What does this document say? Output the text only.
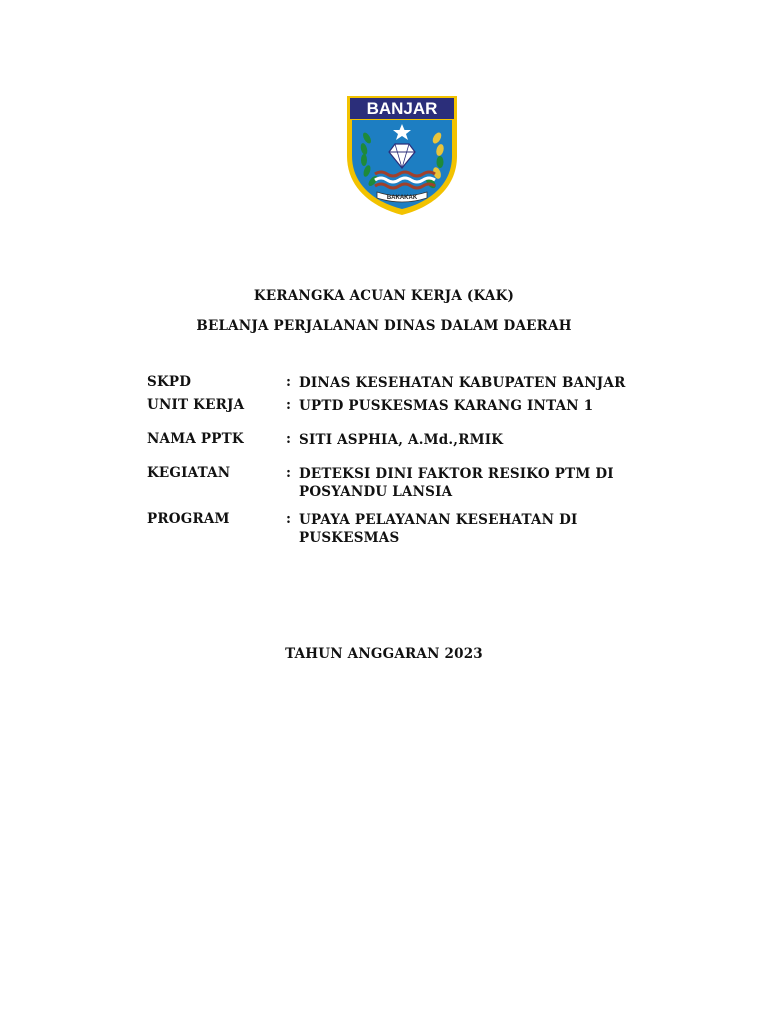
BANJAR
BAKAKAK
KERANGKA ACUAN KERJA (KAK)
BELANJA PERJALANAN DINAS DALAM DAERAH
SKPD	: DINAS KESEHATAN KABUPATEN BANJAR
UNIT KERJA	: UPTD PUSKESMAS KARANG INTAN 1
NAMA PPTK	: SITI ASPHIA, A.Md.,RMIK
KEGIATAN	: DETEKSI DINI FAKTOR RESIKO PTM DI POSYANDU LANSIA
PROGRAM	: UPAYA PELAYANAN KESEHATAN DI PUSKESMAS
TAHUN ANGGARAN 2023
